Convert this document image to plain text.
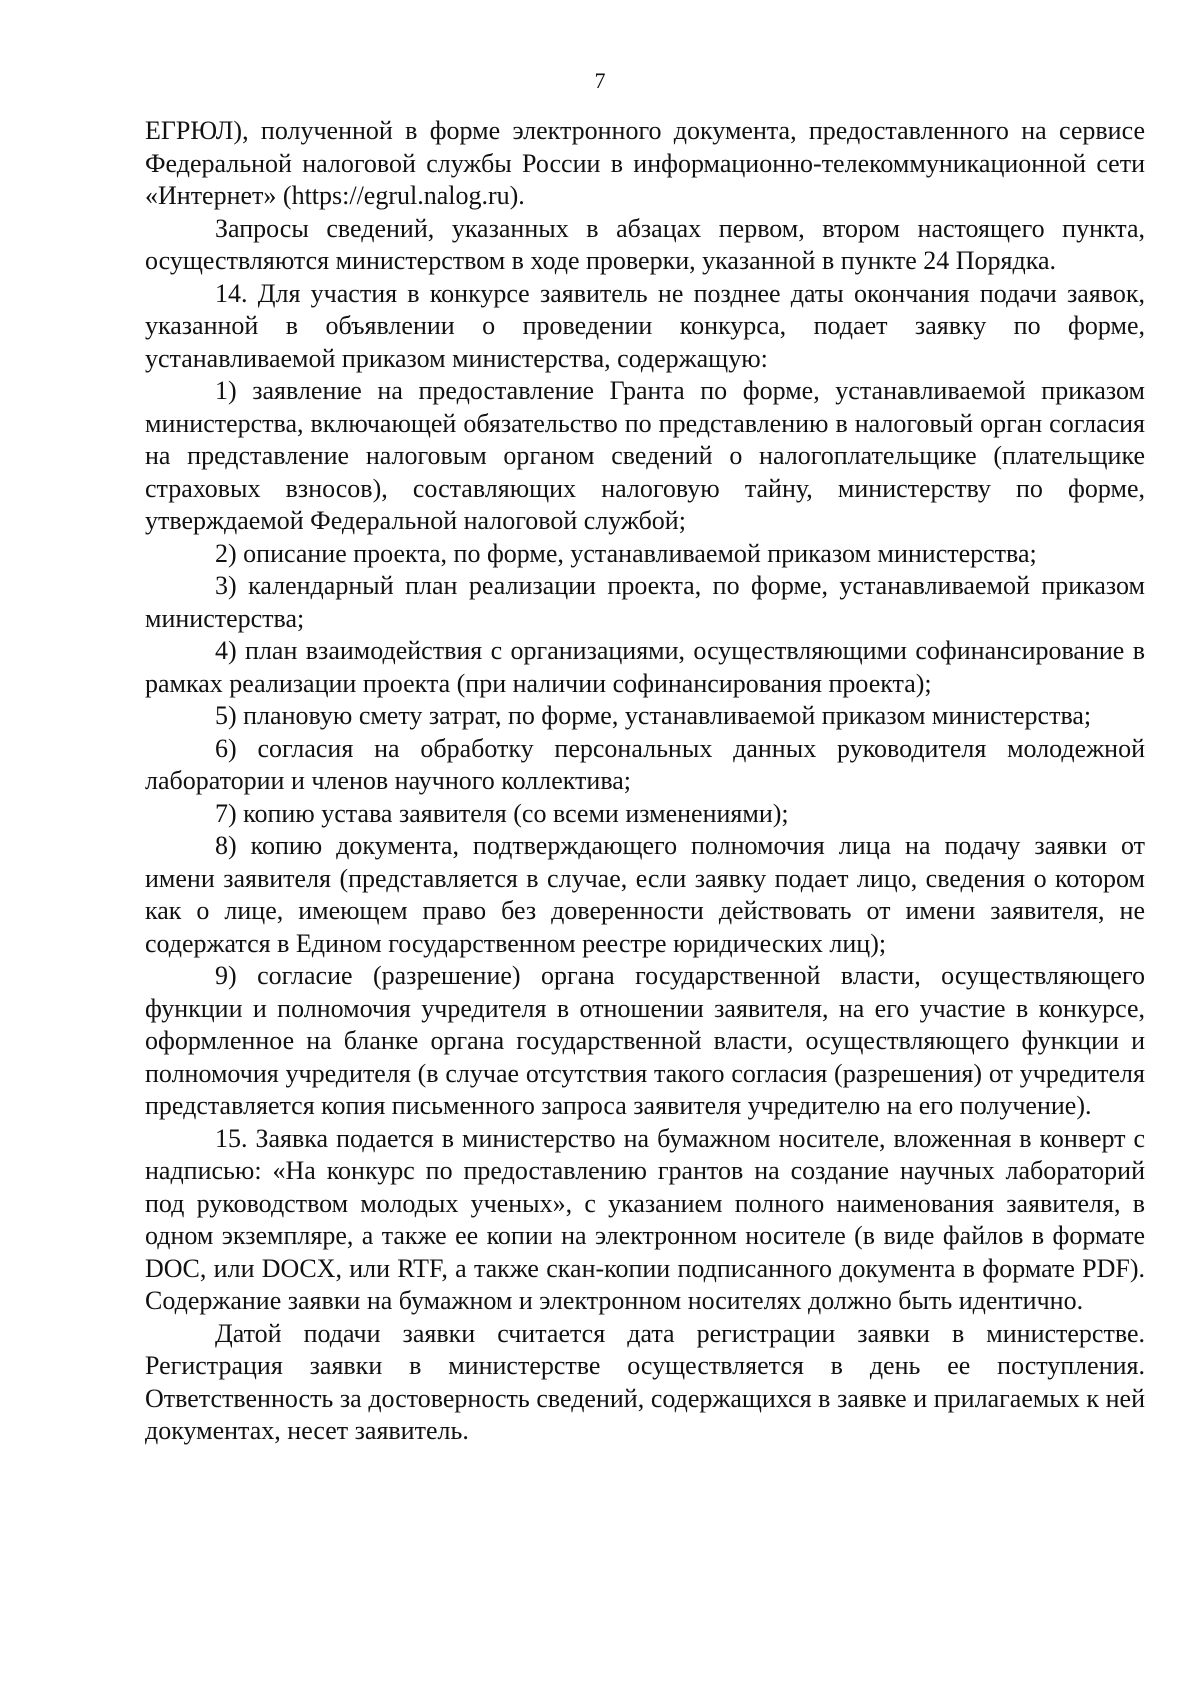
7

ЕГРЮЛ), полученной в форме электронного документа, предоставленного на сервисе Федеральной налоговой службы России в информационно-телекоммуникационной сети «Интернет» (https://egrul.nalog.ru).

Запросы сведений, указанных в абзацах первом, втором настоящего пункта, осуществляются министерством в ходе проверки, указанной в пункте 24 Порядка.

14. Для участия в конкурсе заявитель не позднее даты окончания подачи заявок, указанной в объявлении о проведении конкурса, подает заявку по форме, устанавливаемой приказом министерства, содержащую:

1) заявление на предоставление Гранта по форме, устанавливаемой приказом министерства, включающей обязательство по представлению в налоговый орган согласия на представление налоговым органом сведений о налогоплательщике (плательщике страховых взносов), составляющих налоговую тайну, министерству по форме, утверждаемой Федеральной налоговой службой;

2) описание проекта, по форме, устанавливаемой приказом министерства;

3) календарный план реализации проекта, по форме, устанавливаемой приказом министерства;

4) план взаимодействия с организациями, осуществляющими софинансирование в рамках реализации проекта (при наличии софинансирования проекта);

5) плановую смету затрат, по форме, устанавливаемой приказом министерства;

6) согласия на обработку персональных данных руководителя молодежной лаборатории и членов научного коллектива;

7) копию устава заявителя (со всеми изменениями);

8) копию документа, подтверждающего полномочия лица на подачу заявки от имени заявителя (представляется в случае, если заявку подает лицо, сведения о котором как о лице, имеющем право без доверенности действовать от имени заявителя, не содержатся в Едином государственном реестре юридических лиц);

9) согласие (разрешение) органа государственной власти, осуществляющего функции и полномочия учредителя в отношении заявителя, на его участие в конкурсе, оформленное на бланке органа государственной власти, осуществляющего функции и полномочия учредителя (в случае отсутствия такого согласия (разрешения) от учредителя представляется копия письменного запроса заявителя учредителю на его получение).

15. Заявка подается в министерство на бумажном носителе, вложенная в конверт с надписью: «На конкурс по предоставлению грантов на создание научных лабораторий под руководством молодых ученых», с указанием полного наименования заявителя, в одном экземпляре, а также ее копии на электронном носителе (в виде файлов в формате DOC, или DOCX, или RTF, а также скан-копии подписанного документа в формате PDF). Содержание заявки на бумажном и электронном носителях должно быть идентично.

Датой подачи заявки считается дата регистрации заявки в министерстве. Регистрация заявки в министерстве осуществляется в день ее поступления. Ответственность за достоверность сведений, содержащихся в заявке и прилагаемых к ней документах, несет заявитель.
